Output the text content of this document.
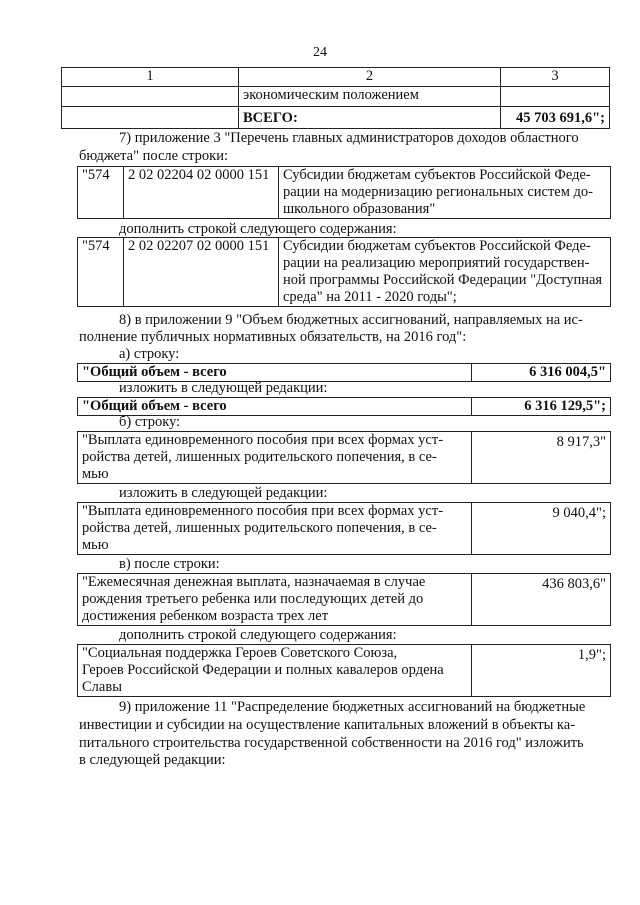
24
1	2	3
	экономическим положением	
	ВСЕГО:	45 703 691,6";
7) приложение 3 "Перечень главных администраторов доходов областного
бюджета" после строки:
"574	2 02 02204 02 0000 151	Субсидии бюджетам субъектов Российской Феде-
рации на модернизацию региональных систем до-
школьного образования"
дополнить строкой следующего содержания:
"574	2 02 02207 02 0000 151	Субсидии бюджетам субъектов Российской Феде-
рации на реализацию мероприятий государствен-
ной программы Российской Федерации "Доступная
среда" на 2011 - 2020 годы";
8) в приложении 9 "Объем бюджетных ассигнований, направляемых на ис-
полнение публичных нормативных обязательств, на 2016 год":
а) строку:
"Общий объем - всего	6 316 004,5"
изложить в следующей редакции:
"Общий объем - всего	6 316 129,5";
б) строку:
"Выплата единовременного пособия при всех формах уст-
ройства детей, лишенных родительского попечения, в се-
мью
	8 917,3"
изложить в следующей редакции:
"Выплата единовременного пособия при всех формах уст-
ройства детей, лишенных родительского попечения, в се-
мью
	9 040,4";
в) после строки:
"Ежемесячная денежная выплата, назначаемая в случае
рождения третьего ребенка или последующих детей до
достижения ребенком возраста трех лет
	436 803,6"
дополнить строкой следующего содержания:
"Социальная поддержка Героев Советского Союза,
Героев Российской Федерации и полных кавалеров ордена
Славы
	1,9";
9) приложение 11 "Распределение бюджетных ассигнований на бюджетные
инвестиции и субсидии на осуществление капитальных вложений в объекты ка-
питального строительства государственной собственности на 2016 год" изложить
в следующей редакции:
